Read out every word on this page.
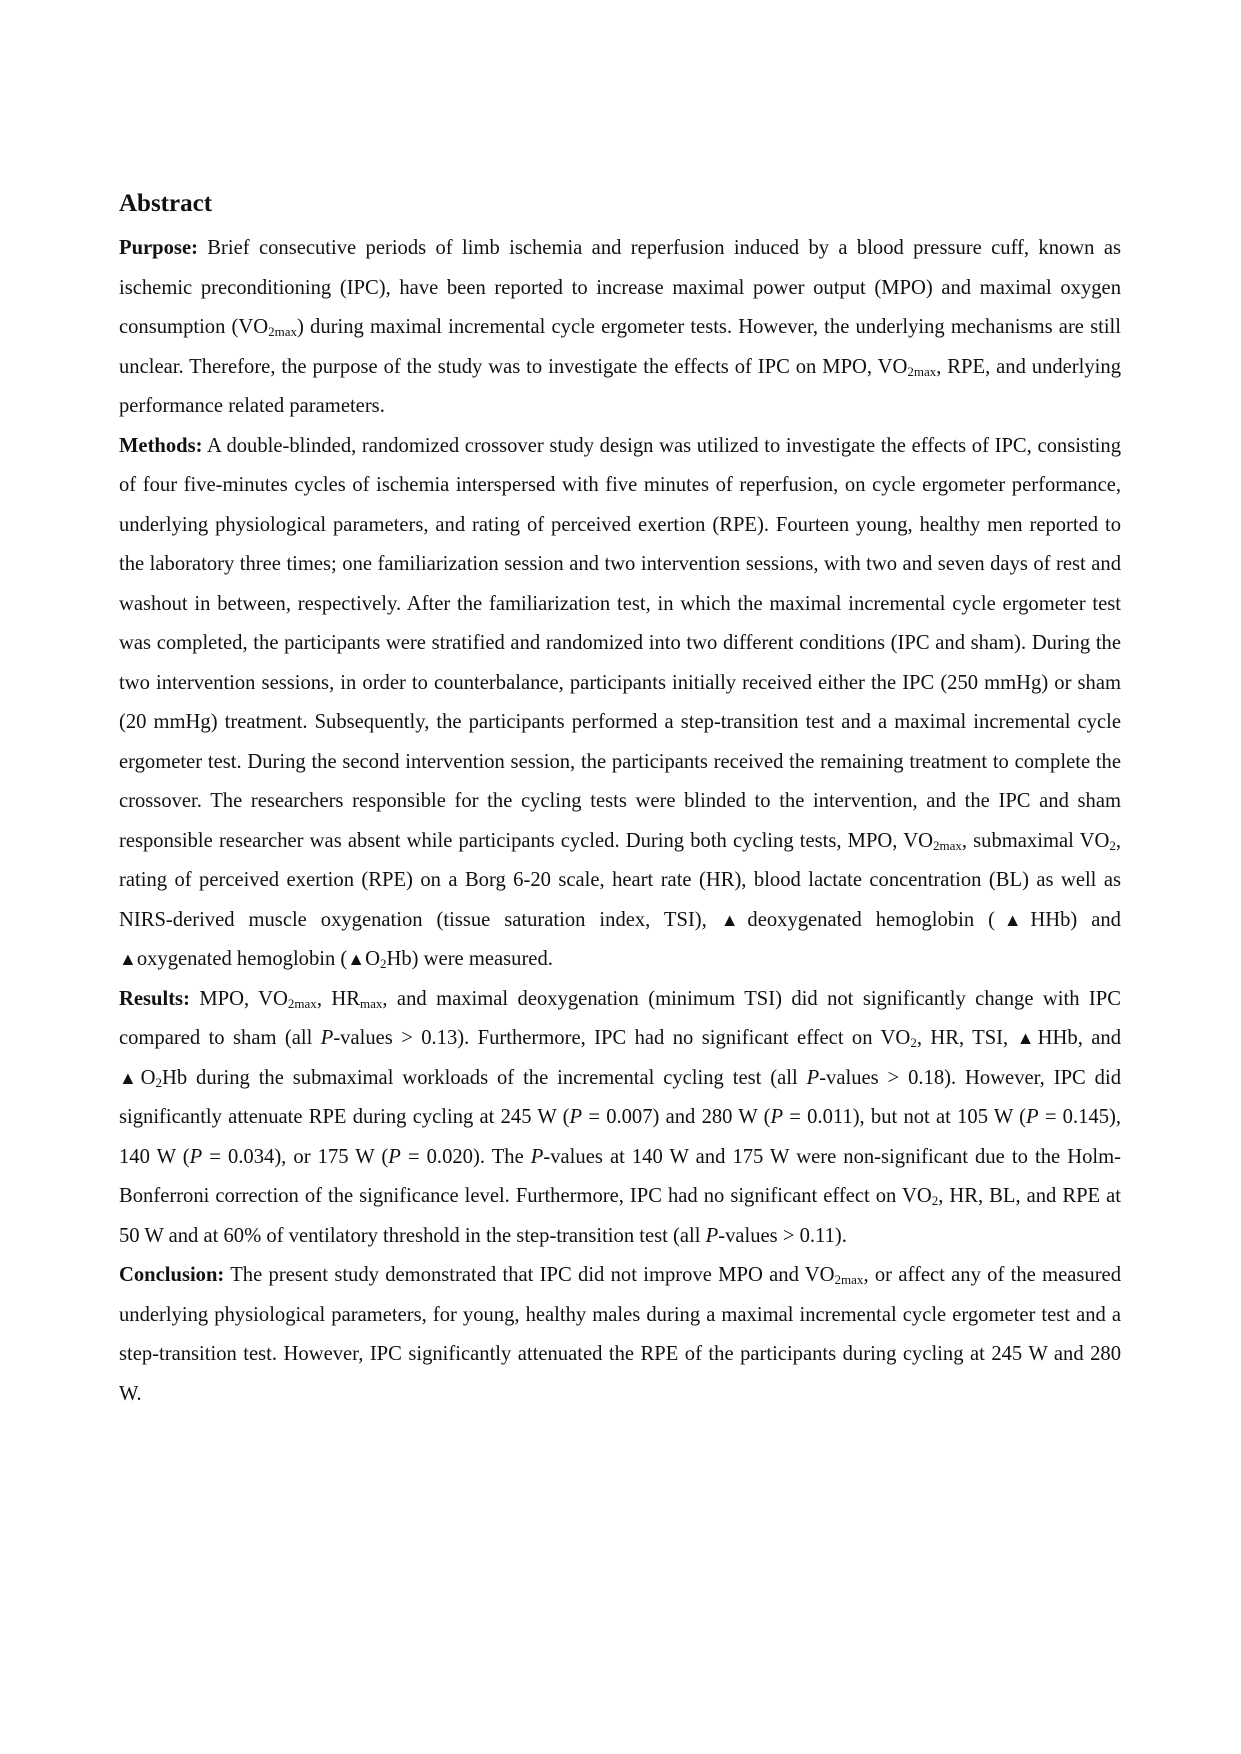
Abstract

Purpose: Brief consecutive periods of limb ischemia and reperfusion induced by a blood pressure cuff, known as ischemic preconditioning (IPC), have been reported to increase maximal power output (MPO) and maximal oxygen consumption $(VO_{2max})$ during maximal incremental cycle ergometer tests. However, the underlying mechanisms are still unclear. Therefore, the purpose of the study was to investigate the effects of IPC on MPO, $VO_{2max}$, RPE, and underlying performance related parameters.

Methods: A double-blinded, randomized crossover study design was utilized to investigate the effects of IPC, consisting of four five-minutes cycles of ischemia interspersed with five minutes of reperfusion, on cycle ergometer performance, underlying physiological parameters, and rating of perceived exertion (RPE). Fourteen young, healthy men reported to the laboratory three times; one familiarization session and two intervention sessions, with two and seven days of rest and washout in between, respectively. After the familiarization test, in which the maximal incremental cycle ergometer test was completed, the participants were stratified and randomized into two different conditions (IPC and sham). During the two intervention sessions, in order to counterbalance, participants initially received either the IPC (250 mmHg) or sham (20 mmHg) treatment. Subsequently, the participants performed a step-transition test and a maximal incremental cycle ergometer test. During the second intervention session, the participants received the remaining treatment to complete the crossover. The researchers responsible for the cycling tests were blinded to the intervention, and the IPC and sham responsible researcher was absent while participants cycled. During both cycling tests, MPO, $VO_{2max}$, submaximal $VO_2$, rating of perceived exertion (RPE) on a Borg 6-20 scale, heart rate (HR), blood lactate concentration (BL) as well as NIRS-derived muscle oxygenation (tissue saturation index, TSI), ▲deoxygenated hemoglobin (▲HHb) and ▲oxygenated hemoglobin $(▲O_2Hb)$ were measured.

Results: MPO, $VO_{2max}$, $HR_{max}$, and maximal deoxygenation (minimum TSI) did not significantly change with IPC compared to sham (all P-values > 0.13). Furthermore, IPC had no significant effect on $VO_2$, HR, TSI, ▲HHb, and $▲O_2Hb$ during the submaximal workloads of the incremental cycling test (all P-values > 0.18). However, IPC did significantly attenuate RPE during cycling at 245 W (P = 0.007) and 280 W (P = 0.011), but not at 105 W (P = 0.145), 140 W (P = 0.034), or 175 W (P = 0.020). The P-values at 140 W and 175 W were non-significant due to the Holm-Bonferroni correction of the significance level. Furthermore, IPC had no significant effect on $VO_2$, HR, BL, and RPE at 50 W and at 60% of ventilatory threshold in the step-transition test (all P-values > 0.11).

Conclusion: The present study demonstrated that IPC did not improve MPO and $VO_{2max}$, or affect any of the measured underlying physiological parameters, for young, healthy males during a maximal incremental cycle ergometer test and a step-transition test. However, IPC significantly attenuated the RPE of the participants during cycling at 245 W and 280 W.
